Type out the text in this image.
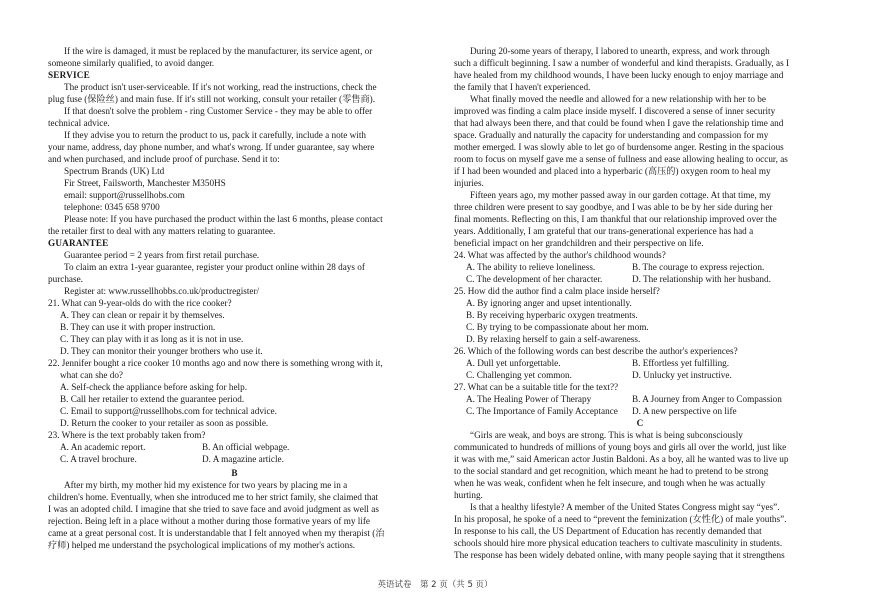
If the wire is damaged, it must be replaced by the manufacturer, its service agent, or
someone similarly qualified, to avoid danger.
SERVICE
The product isn't user-serviceable. If it's not working, read the instructions, check the
plug fuse (保险丝) and main fuse. If it's still not working, consult your retailer (零售商).
If that doesn't solve the problem - ring Customer Service - they may be able to offer
technical advice.
If they advise you to return the product to us, pack it carefully, include a note with
your name, address, day phone number, and what's wrong. If under guarantee, say where
and when purchased, and include proof of purchase. Send it to:
Spectrum Brands (UK) Ltd
Fir Street, Failsworth, Manchester M350HS
email: support@russellhobs.com
telephone: 0345 658 9700
Please note: If you have purchased the product within the last 6 months, please contact
the retailer first to deal with any matters relating to guarantee.
GUARANTEE
Guarantee period = 2 years from first retail purchase.
To claim an extra 1-year guarantee, register your product online within 28 days of
purchase.
Register at: www.russellhobbs.co.uk/productregister/
21. What can 9-year-olds do with the rice cooker?
A. They can clean or repair it by themselves.
B. They can use it with proper instruction.
C. They can play with it as long as it is not in use.
D. They can monitor their younger brothers who use it.
22. Jennifer bought a rice cooker 10 months ago and now there is something wrong with it,
what can she do?
A. Self-check the appliance before asking for help.
B. Call her retailer to extend the guarantee period.
C. Email to support@russellhobs.com for technical advice.
D. Return the cooker to your retailer as soon as possible.
23. Where is the text probably taken from?
A. An academic report.	B. An official webpage.
C. A travel brochure.	D. A magazine article.
B
After my birth, my mother hid my existence for two years by placing me in a
children's home. Eventually, when she introduced me to her strict family, she claimed that
I was an adopted child. I imagine that she tried to save face and avoid judgment as well as
rejection. Being left in a place without a mother during those formative years of my life
came at a great personal cost. It is understandable that I felt annoyed when my therapist (治
疗师) helped me understand the psychological implications of my mother's actions.
During 20-some years of therapy, I labored to unearth, express, and work through
such a difficult beginning. I saw a number of wonderful and kind therapists. Gradually, as I
have healed from my childhood wounds, I have been lucky enough to enjoy marriage and
the family that I haven't experienced.
What finally moved the needle and allowed for a new relationship with her to be
improved was finding a calm place inside myself. I discovered a sense of inner security
that had always been there, and that could be found when I gave the relationship time and
space. Gradually and naturally the capacity for understanding and compassion for my
mother emerged. I was slowly able to let go of burdensome anger. Resting in the spacious
room to focus on myself gave me a sense of fullness and ease allowing healing to occur, as
if I had been wounded and placed into a hyperbaric (高压的) oxygen room to heal my
injuries.
Fifteen years ago, my mother passed away in our garden cottage. At that time, my
three children were present to say goodbye, and I was able to be by her side during her
final moments. Reflecting on this, I am thankful that our relationship improved over the
years. Additionally, I am grateful that our trans-generational experience has had a
beneficial impact on her grandchildren and their perspective on life.
24. What was affected by the author's childhood wounds?
A. The ability to relieve loneliness.	B. The courage to express rejection.
C. The development of her character.	D. The relationship with her husband.
25. How did the author find a calm place inside herself?
A. By ignoring anger and upset intentionally.
B. By receiving hyperbaric oxygen treatments.
C. By trying to be compassionate about her mom.
D. By relaxing herself to gain a self-awareness.
26. Which of the following words can best describe the author's experiences?
A. Dull yet unforgettable.	B. Effortless yet fulfilling.
C. Challenging yet common.	D. Unlucky yet instructive.
27. What can be a suitable title for the text??
A. The Healing Power of Therapy	B. A Journey from Anger to Compassion
C. The Importance of Family Acceptance	D. A new perspective on life
C
“Girls are weak, and boys are strong. This is what is being subconsciously
communicated to hundreds of millions of young boys and girls all over the world, just like
it was with me,” said American actor Justin Baldoni. As a boy, all he wanted was to live up
to the social standard and get recognition, which meant he had to pretend to be strong
when he was weak, confident when he felt insecure, and tough when he was actually
hurting.
Is that a healthy lifestyle? A member of the United States Congress might say “yes”.
In his proposal, he spoke of a need to “prevent the feminization (女性化) of male youths”.
In response to his call, the US Department of Education has recently demanded that
schools should hire more physical education teachers to cultivate masculinity in students.
The response has been widely debated online, with many people saying that it strengthens
英语试卷　第 2 页（共 5 页）
